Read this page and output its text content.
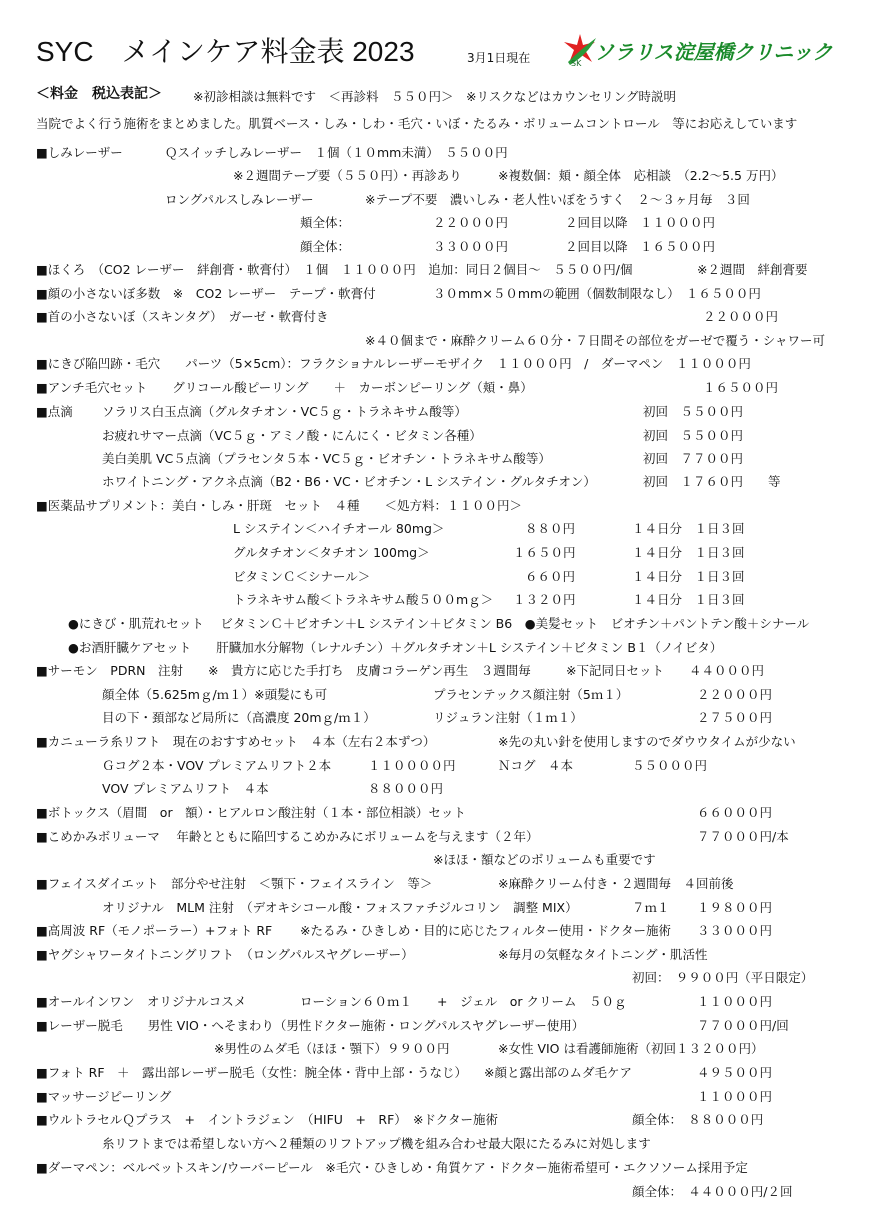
SYC　メインケア料金表 2023	3月1日現在	SK ソラリス淀屋橋クリニック
＜料金　税込表記＞ ※初診相談は無料です　＜再診料　５５０円＞　※リスクなどはカウンセリング時説明
当院でよく行う施術をまとめました。肌質ベース・しみ・しわ・毛穴・いぼ・たるみ・ボリュームコントロール　等にお応えしています
■しみレーザー	Ｑスイッチしみレーザー　１個（１０mm未満）　５５００円
※２週間テープ要（５５０円）・再診あり	※複数個：頬・顔全体　応相談　（2.2～5.5 万円）
ロングパルスしみレーザー	※テープ不要　濃いしみ・老人性いぼをうすく　２～３ヶ月毎　３回
頬全体：	２２０００円	２回目以降　１１０００円
顔全体：	３３０００円	２回目以降　１６５００円
■ほくろ　（CO2 レーザー　絆創膏・軟膏付）　１個　１１０００円　追加：同日２個目～　５５００円/個	※２週間　絆創膏要
■顔の小さないぼ多数　※　CO2 レーザー　テープ・軟膏付	３０mm×５０mmの範囲（個数制限なし）　１６５００円
■首の小さないぼ（スキンタグ）　ガーゼ・軟膏付き	２２０００円
※４０個まで・麻酔クリーム６０分・７日間その部位をガーゼで覆う・シャワー可
■にきび陥凹跡・毛穴　　パーツ（5×5cm）：フラクショナルレーザーモザイク　１１０００円　/　ダーマペン　１１０００円
■アンチ毛穴セット　　グリコール酸ピーリング　　＋　カーボンピーリング（頬・鼻）	１６５００円
■点滴 ソラリス白玉点滴（グルタチオン・VC５ｇ・トラネキサム酸等）	初回　５５００円
お疲れサマー点滴（VC５ｇ・アミノ酸・にんにく・ビタミン各種）	初回　５５００円
美白美肌 VC５点滴（プラセンタ５本・VC５ｇ・ビオチン・トラネキサム酸等）	初回　７７００円
ホワイトニング・アクネ点滴（B2・B6・VC・ビオチン・L システイン・グルタチオン）	初回　１７６０円　　等
■医薬品サプリメント：美白・しみ・肝斑　セット　４種　　＜処方料：１１００円＞
L システイン＜ハイチオール 80mg＞	８８０円	１４日分　１日３回
グルタチオン＜タチオン 100mg＞	１６５０円	１４日分　１日３回
ビタミンＣ＜シナール＞	６６０円	１４日分　１日３回
トラネキサム酸＜トラネキサム酸５００mｇ＞ １３２０円	１４日分　１日３回
●にきび・肌荒れセット　 ビタミンＣ＋ビオチン＋L システイン＋ビタミン B6　●美髪セット　ビオチン＋パントテン酸＋シナール
●お酒肝臓ケアセット　　肝臓加水分解物（レナルチン）＋グルタチオン＋L システイン＋ビタミン B１（ノイビタ）
■サーモン　PDRN　注射　　※　貴方に応じた手打ち　皮膚コラーゲン再生　３週間毎	※下記同日セット　　４４０００円
顔全体（5.625mｇ/ｍ１）※頭髪にも可	プラセンテックス顔注射（5ｍ１）	２２０００円
目の下・頚部など局所に（高濃度 20mｇ/ｍ１）	リジュラン注射（１ｍ１）	２７５００円
■カニューラ糸リフト　現在のおすすめセット　４本（左右２本ずつ）	※先の丸い針を使用しますのでダウウタイムが少ない
Ｇコグ２本・VOV プレミアムリフト２本	１１００００円	Ｎコグ　４本	５５０００円
VOV プレミアムリフト　４本	８８０００円
■ボトックス（眉間　or　額）・ヒアルロン酸注射（１本・部位相談）セット	６６０００円
■こめかみボリューマ　 年齢とともに陥凹するこめかみにボリュームを与えます（２年）	７７０００円/本
※ほほ・額などのボリュームも重要です
■フェイスダイエット　部分やせ注射　＜顎下・フェイスライン　等＞	※麻酔クリーム付き・２週間毎　４回前後
オリジナル　MLM 注射　（デオキシコール酸・フォスファチジルコリン　調整 MIX）	７ｍ１ １９８００円
■高周波 RF（モノポーラー）+フォト RF ※たるみ・ひきしめ・目的に応じたフィルター使用・ドクター施術 ３３０００円
■ヤグシャワータイトニングリフト　（ロングパルスヤグレーザー）	※毎月の気軽なタイトニング・肌活性
初回：　９９００円（平日限定）
■オールインワン　オリジナルコスメ	ローション６０ｍ１　　+　ジェル　or クリーム　５０ｇ	１１０００円
■レーザー脱毛　　男性 VIO・へそまわり（男性ドクター施術・ロングパルスヤグレーザー使用）	７７０００円/回
※男性のムダ毛（ほほ・顎下）９９００円	※女性 VIO は看護師施術（初回１３２００円）
■フォト RF　＋　露出部レーザー脱毛（女性：腕全体・背中上部・うなじ） ※顔と露出部のムダ毛ケア	４９５００円
■マッサージピーリング	１１０００円
■ウルトラセルＱプラス　+　イントラジェン　（HIFU　+　RF）　※ドクター施術	顔全体：　８８０００円
糸リフトまでは希望しない方へ２種類のリフトアップ機を組み合わせ最大限にたるみに対処します
■ダーマペン：ベルベットスキン/ウーバーピール　※毛穴・ひきしめ・角質ケア・ドクター施術希望可・エクソソーム採用予定
顔全体：　４４０００円/２回
